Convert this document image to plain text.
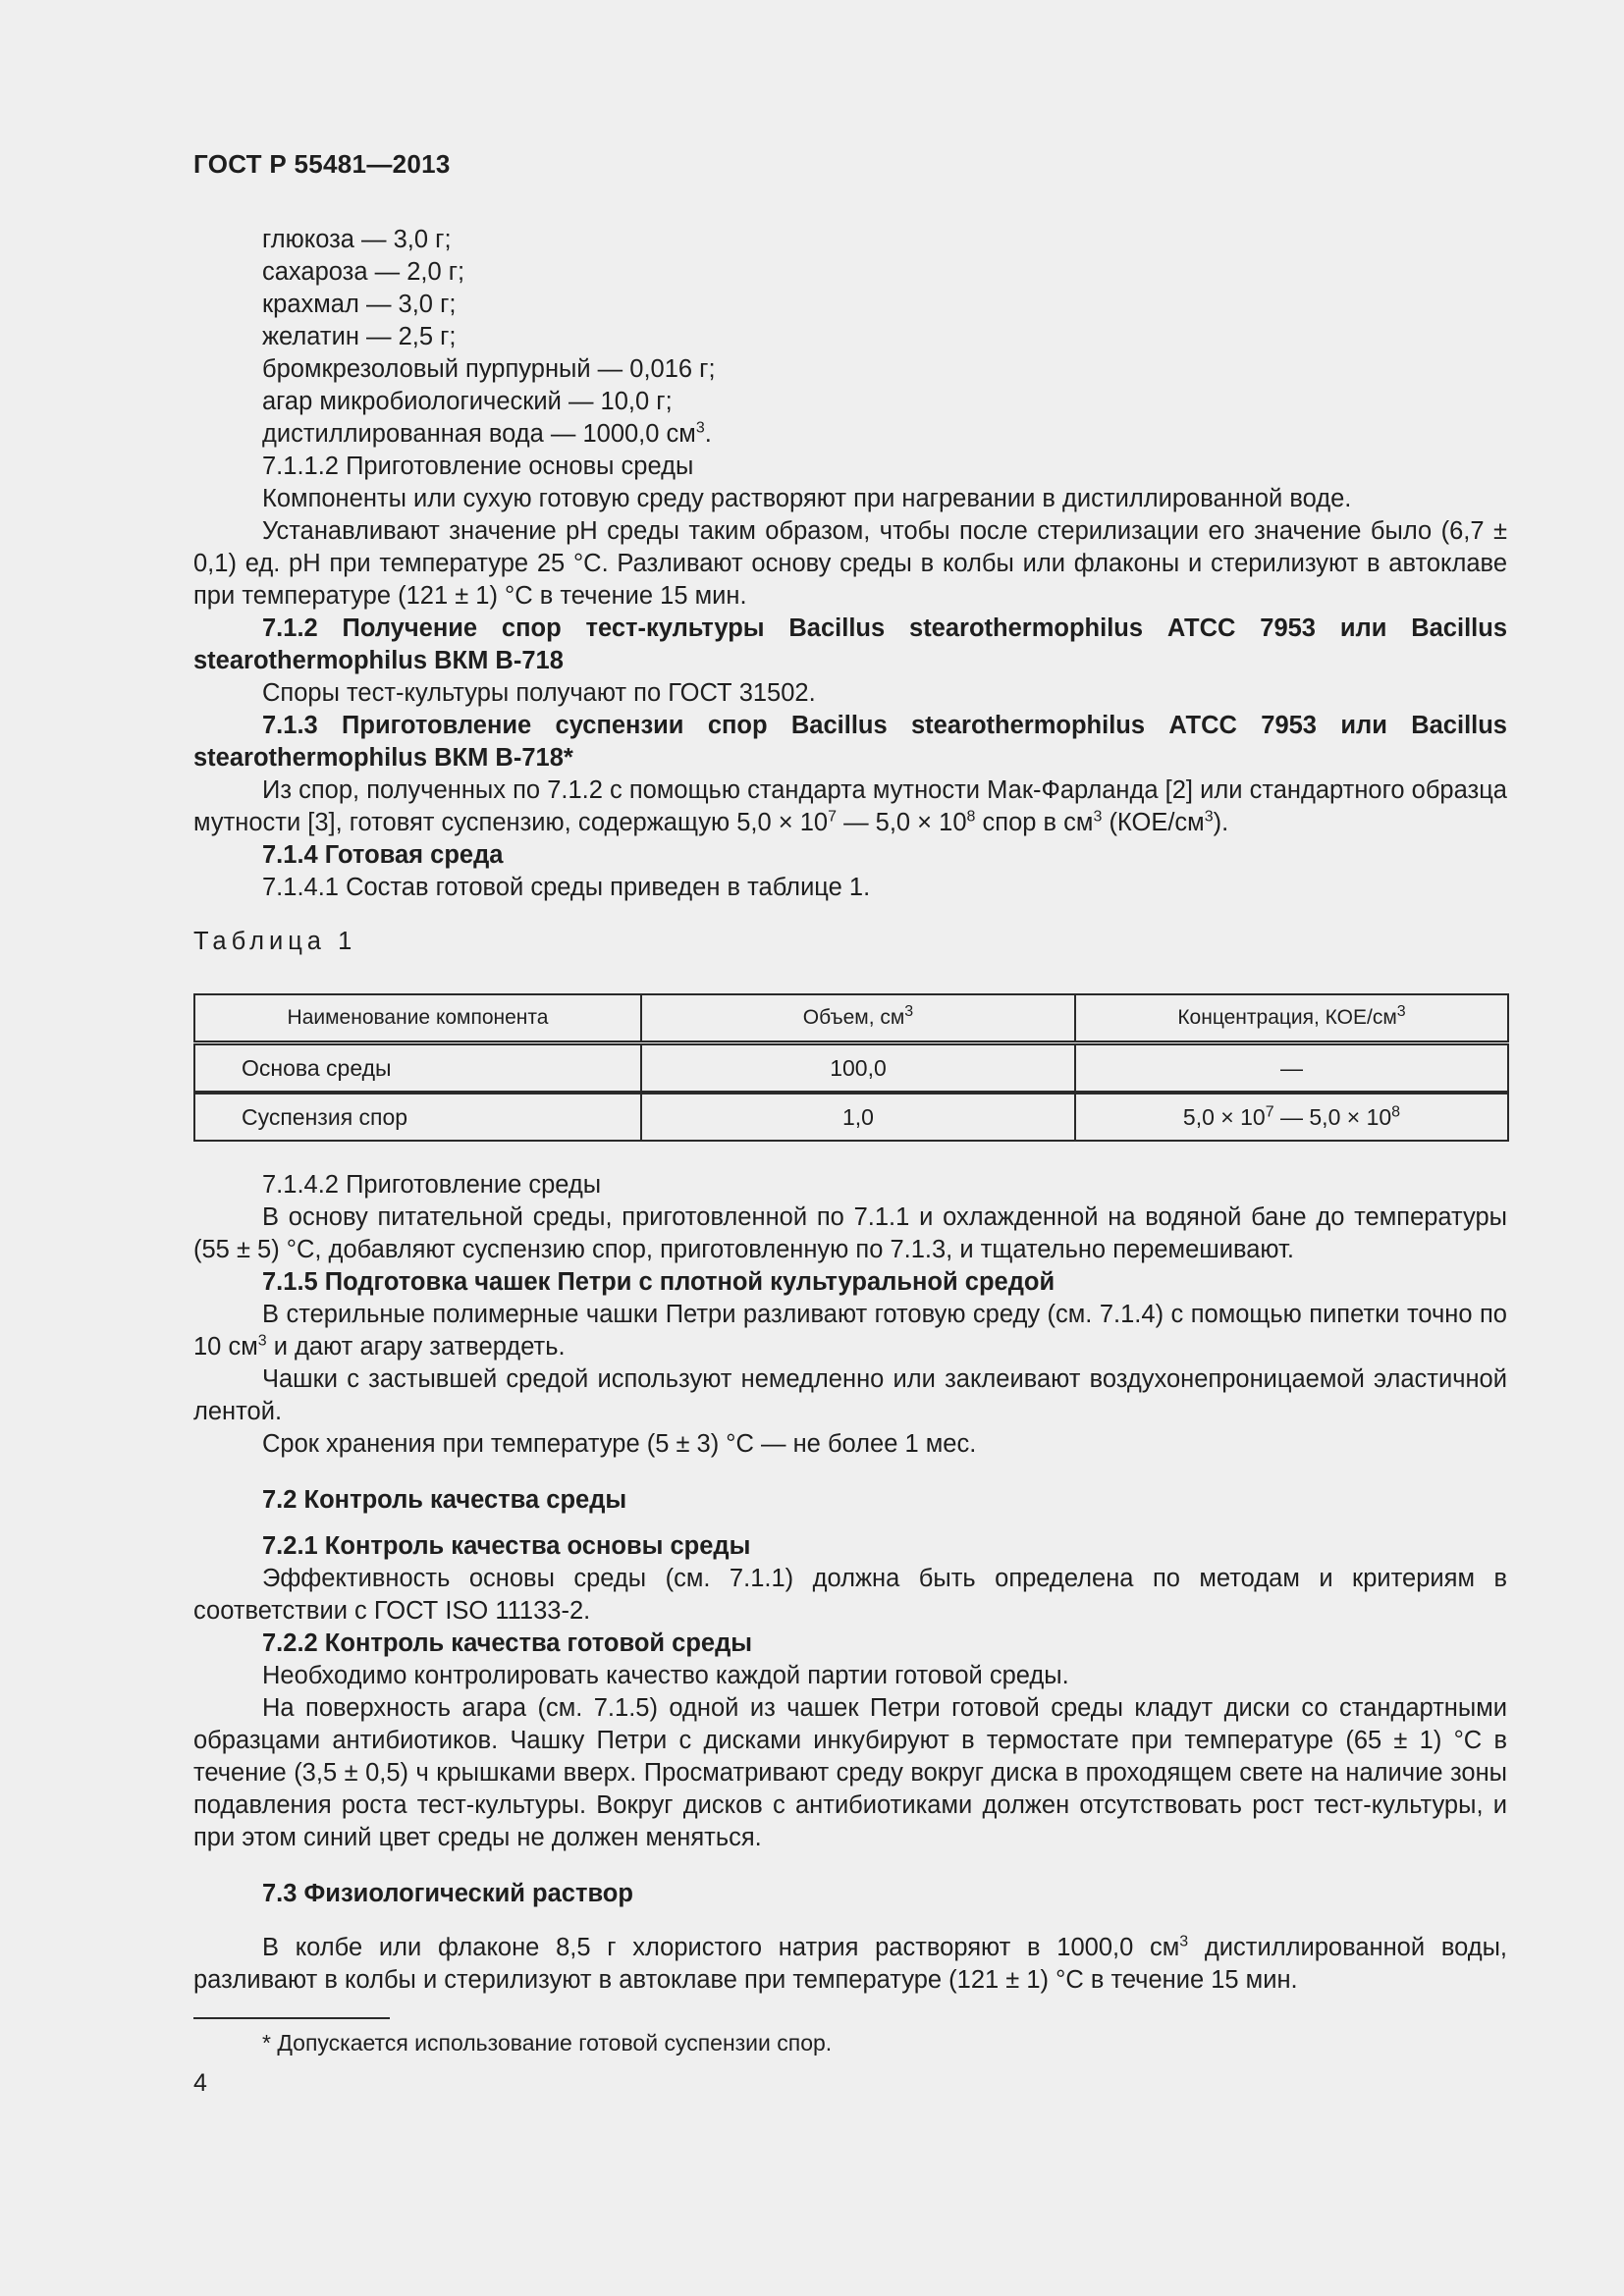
ГОСТ Р 55481—2013

глюкоза — 3,0 г;

сахароза — 2,0 г;

крахмал — 3,0 г;

желатин — 2,5 г;

бромкрезоловый пурпурный — 0,016 г;

агар микробиологический — 10,0 г;

дистиллированная вода — 1000,0 $см^3$.

7.1.1.2 Приготовление основы среды

Компоненты или сухую готовую среду растворяют при нагревании в дистиллированной воде.

Устанавливают значение pH среды таким образом, чтобы после стерилизации его значение было (6,7 ± 0,1) ед. pH при температуре 25 °С. Разливают основу среды в колбы или флаконы и стерилизуют в автоклаве при температуре (121 ± 1) °С в течение 15 мин.

7.1.2 Получение спор тест-культуры Bacillus stearothermophilus АТСС 7953 или Bacillus stearothermophilus ВКМ В-718

Споры тест-культуры получают по ГОСТ 31502.

7.1.3 Приготовление суспензии спор Bacillus stearothermophilus АТСС 7953 или Bacillus stearothermophilus ВКМ В-718*

Из спор, полученных по 7.1.2 с помощью стандарта мутности Мак-Фарланда [2] или стандартного образца мутности [3], готовят суспензию, содержащую $5,0 \times 10^7$ — $5,0 \times 10^8$ спор в $см^3$ $(КОЕ/см^3)$.

7.1.4 Готовая среда

7.1.4.1 Состав готовой среды приведен в таблице 1.

Таблица 1

Наименование компонента	Объем, $см^3$	Концентрация, КОЕ/$см^3$
Основа среды	100,0	—
Суспензия спор	1,0	$5,0 \times 10^7$ — $5,0 \times 10^8$

7.1.4.2 Приготовление среды

В основу питательной среды, приготовленной по 7.1.1 и охлажденной на водяной бане до температуры (55 ± 5) °С, добавляют суспензию спор, приготовленную по 7.1.3, и тщательно перемешивают.

7.1.5 Подготовка чашек Петри с плотной культуральной средой

В стерильные полимерные чашки Петри разливают готовую среду (см. 7.1.4) с помощью пипетки точно по 10 $см^3$ и дают агару затвердеть.

Чашки с застывшей средой используют немедленно или заклеивают воздухонепроницаемой эластичной лентой.

Срок хранения при температуре (5 ± 3) °С — не более 1 мес.

7.2 Контроль качества среды

7.2.1 Контроль качества основы среды

Эффективность основы среды (см. 7.1.1) должна быть определена по методам и критериям в соответствии с ГОСТ ISO 11133-2.

7.2.2 Контроль качества готовой среды

Необходимо контролировать качество каждой партии готовой среды.

На поверхность агара (см. 7.1.5) одной из чашек Петри готовой среды кладут диски со стандартными образцами антибиотиков. Чашку Петри с дисками инкубируют в термостате при температуре (65 ± 1) °С в течение (3,5 ± 0,5) ч крышками вверх. Просматривают среду вокруг диска в проходящем свете на наличие зоны подавления роста тест-культуры. Вокруг дисков с антибиотиками должен отсутствовать рост тест-культуры, и при этом синий цвет среды не должен меняться.

7.3 Физиологический раствор

В колбе или флаконе 8,5 г хлористого натрия растворяют в 1000,0 $см^3$ дистиллированной воды, разливают в колбы и стерилизуют в автоклаве при температуре (121 ± 1) °С в течение 15 мин.

* Допускается использование готовой суспензии спор.
4
